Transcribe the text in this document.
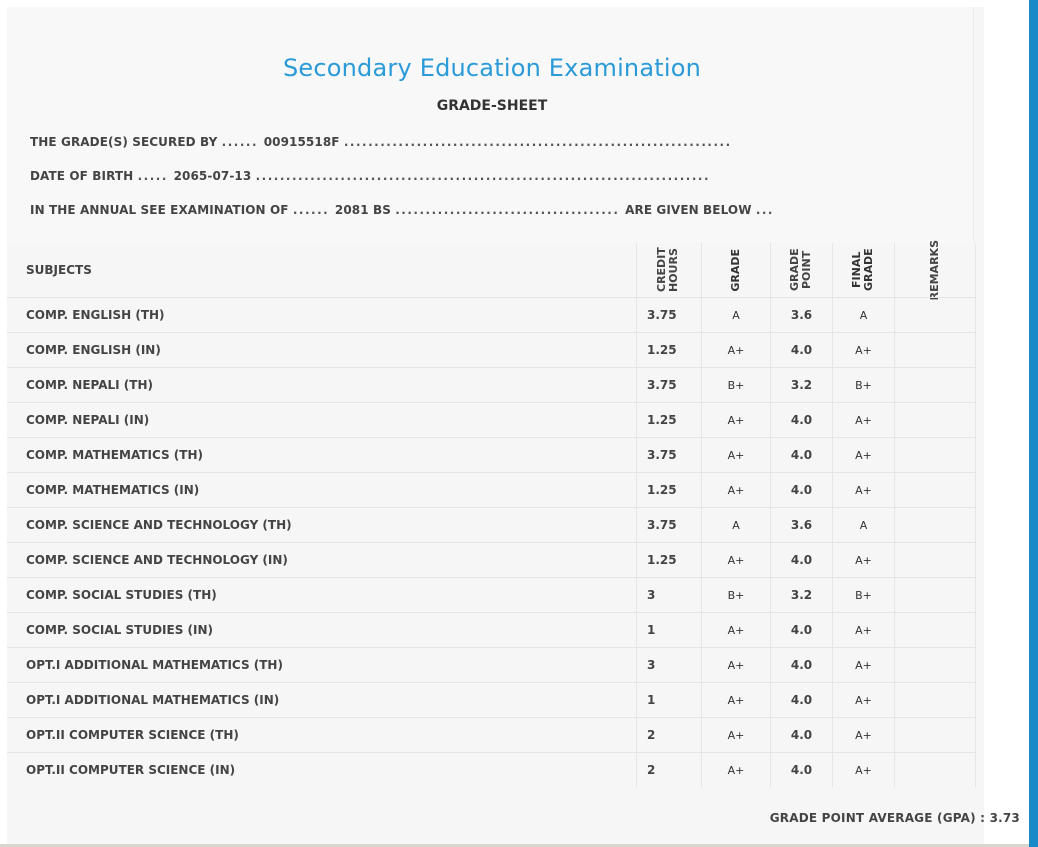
Secondary Education Examination
GRADE-SHEET
THE GRADE(S) SECURED BY ...... 00915518F ................................................................
DATE OF BIRTH ..... 2065-07-13 ...........................................................................
IN THE ANNUAL SEE EXAMINATION OF ...... 2081 BS ..................................... ARE GIVEN BELOW ...
SUBJECTS	CREDIT HOURS	GRADE	GRADE POINT	FINAL GRADE	REMARKS
COMP. ENGLISH (TH)	3.75	A	3.6	A
COMP. ENGLISH (IN)	1.25	A+	4.0	A+
COMP. NEPALI (TH)	3.75	B+	3.2	B+
COMP. NEPALI (IN)	1.25	A+	4.0	A+
COMP. MATHEMATICS (TH)	3.75	A+	4.0	A+
COMP. MATHEMATICS (IN)	1.25	A+	4.0	A+
COMP. SCIENCE AND TECHNOLOGY (TH)	3.75	A	3.6	A
COMP. SCIENCE AND TECHNOLOGY (IN)	1.25	A+	4.0	A+
COMP. SOCIAL STUDIES (TH)	3	B+	3.2	B+
COMP. SOCIAL STUDIES (IN)	1	A+	4.0	A+
OPT.I ADDITIONAL MATHEMATICS (TH)	3	A+	4.0	A+
OPT.I ADDITIONAL MATHEMATICS (IN)	1	A+	4.0	A+
OPT.II COMPUTER SCIENCE (TH)	2	A+	4.0	A+
OPT.II COMPUTER SCIENCE (IN)	2	A+	4.0	A+
GRADE POINT AVERAGE (GPA) : 3.73
